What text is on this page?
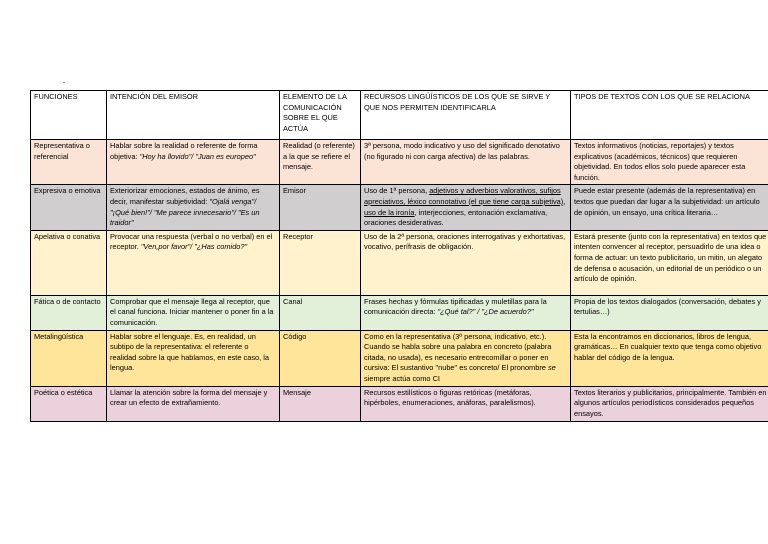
-
FUNCIONES	INTENCIÓN DEL EMISOR	ELEMENTO DE LA COMUNICACIÓN SOBRE EL QUE ACTÚA	RECURSOS LINGÜÍSTICOS DE LOS QUE SE SIRVE Y QUE NOS PERMITEN IDENTIFICARLA	TIPOS DE TEXTOS CON LOS QUE SE RELACIONA
Representativa o referencial	Hablar sobre la realidad o referente de forma objetiva: "Hoy ha llovido"/ "Juan es europeo"	Realidad (o referente) a la que se refiere el mensaje.	3ª persona, modo indicativo y uso del significado denotativo (no figurado ni con carga afectiva) de las palabras.	Textos informativos (noticias, reportajes) y textos explicativos (académicos, técnicos) que requieren objetividad. En todos ellos solo puede aparecer esta función.
Expresiva o emotiva	Exteriorizar emociones, estados de ánimo, es decir, manifestar subjetividad: "Ojalá venga"/ "¡Qué bien!"/ "Me parece innecesario"/ "Es un traidor"	Emisor	Uso de 1ª persona, adjetivos y adverbios valorativos, sufijos apreciativos, léxico connotativo (el que tiene carga subjetiva), uso de la ironía, interjecciones, entonación exclamativa, oraciones desiderativas.	Puede estar presente (además de la representativa) en textos que puedan dar lugar a la subjetividad: un artículo de opinión, un ensayo, una crítica literaria…
Apelativa o conativa	Provocar una respuesta (verbal o no verbal) en el receptor. "Ven,por favor"/ "¿Has comido?"	Receptor	Uso de la 2ª persona, oraciones interrogativas y exhortativas, vocativo, perífrasis de obligación.	Estará presente (junto con la representativa) en textos que intenten convencer al receptor, persuadirlo de una idea o forma de actuar: un texto publicitario, un mitin, un alegato de defensa o acusación, un editorial de un periódico o un artículo de opinión.
Fática o de contacto	Comprobar que el mensaje llega al receptor, que el canal funciona. Iniciar mantener o poner fin a la comunicación.	Canal	Frases hechas y fórmulas tipificadas y muletillas para la comunicación directa: "¿Qué tal?" / "¿De acuerdo?"	Propia de los textos dialogados (conversación, debates y tertulias…)
Metalingüística	Hablar sobre el lenguaje. Es, en realidad, un subtipo de la representativa: el referente o realidad sobre la que hablamos, en este caso, la lengua.	Código	Como en la representativa (3ª persona, indicativo, etc.). Cuando se habla sobre una palabra en concreto (palabra citada, no usada), es necesario entrecomillar o poner en cursiva: El sustantivo "nube" es concreto/ El pronombre se siempre actúa como CI	Esta la encontramos en diccionarios, libros de lengua, gramáticas… En cualquier texto que tenga como objetivo hablar del código de la lengua.
Poética o estética	Llamar la atención sobre la forma del mensaje y crear un efecto de extrañamiento.	Mensaje	Recursos estilísticos o figuras retóricas (metáforas, hipérboles, enumeraciones, anáforas, paralelismos).	Textos literarios y publicitarios, principalmente. También en algunos artículos periodísticos considerados pequeños ensayos.
